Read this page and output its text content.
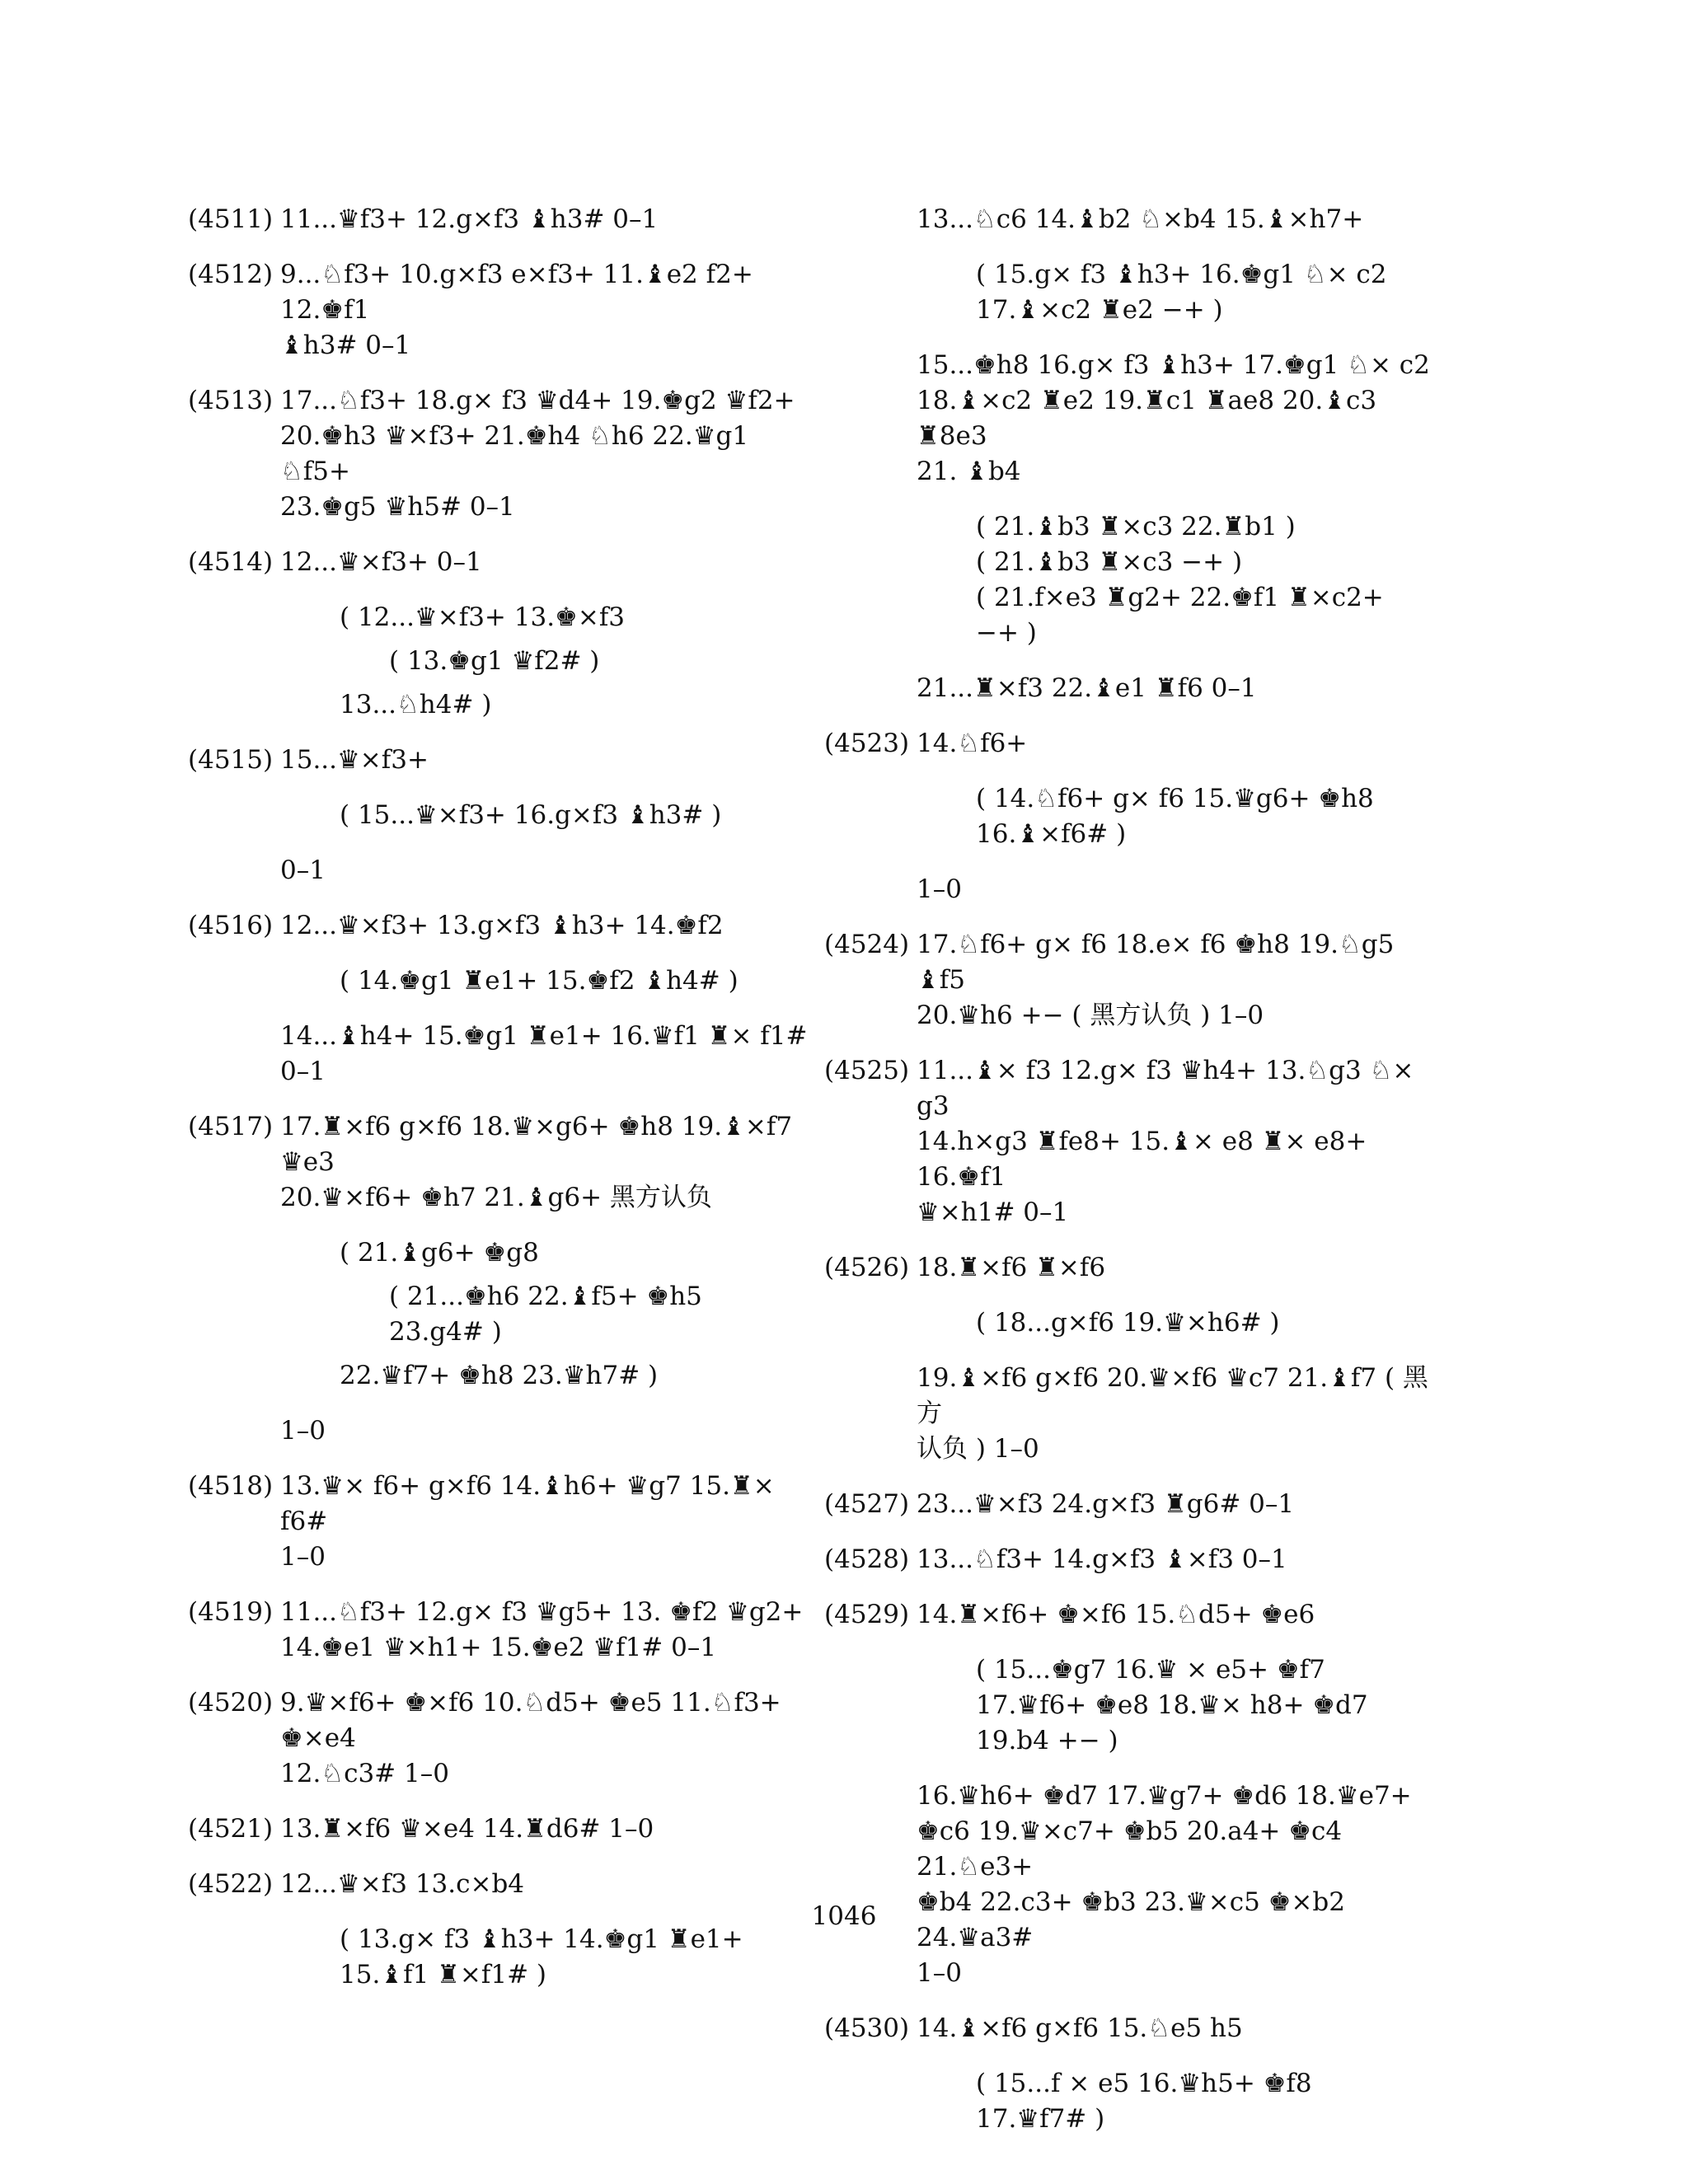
(4511) 11...♛f3+ 12.g×f3 ♝h3# 0–1
(4512) 9...♘f3+ 10.g×f3 e×f3+ 11.♝e2 f2+ 12.♚f1
♝h3# 0–1
(4513) 17...♘f3+ 18.g× f3 ♛d4+ 19.♚g2 ♛f2+
20.♚h3 ♛×f3+ 21.♚h4 ♘h6 22.♛g1 ♘f5+
23.♚g5 ♛h5# 0–1
(4514) 12...♛×f3+ 0–1
( 12...♛×f3+ 13.♚×f3
( 13.♚g1 ♛f2# )
13...♘h4# )
(4515) 15...♛×f3+
( 15...♛×f3+ 16.g×f3 ♝h3# )
0–1
(4516) 12...♛×f3+ 13.g×f3 ♝h3+ 14.♚f2
( 14.♚g1 ♜e1+ 15.♚f2 ♝h4# )
14...♝h4+ 15.♚g1 ♜e1+ 16.♛f1 ♜× f1#
0–1
(4517) 17.♜×f6 g×f6 18.♛×g6+ ♚h8 19.♝×f7 ♛e3
20.♛×f6+ ♚h7 21.♝g6+ 黑方认负
( 21.♝g6+ ♚g8
( 21...♚h6 22.♝f5+ ♚h5
23.g4# )
22.♛f7+ ♚h8 23.♛h7# )
1–0
(4518) 13.♛× f6+ g×f6 14.♝h6+ ♛g7 15.♜× f6#
1–0
(4519) 11...♘f3+ 12.g× f3 ♛g5+ 13. ♚f2 ♛g2+
14.♚e1 ♛×h1+ 15.♚e2 ♛f1# 0–1
(4520) 9.♛×f6+ ♚×f6 10.♘d5+ ♚e5 11.♘f3+ ♚×e4
12.♘c3# 1–0
(4521) 13.♜×f6 ♛×e4 14.♜d6# 1–0
(4522) 12...♛×f3 13.c×b4
( 13.g× f3 ♝h3+ 14.♚g1 ♜e1+
15.♝f1 ♜×f1# )
13...♘c6 14.♝b2 ♘×b4 15.♝×h7+
( 15.g× f3 ♝h3+ 16.♚g1 ♘× c2
17.♝×c2 ♜e2 −+ )
15...♚h8 16.g× f3 ♝h3+ 17.♚g1 ♘× c2
18.♝×c2 ♜e2 19.♜c1 ♜ae8 20.♝c3 ♜8e3
21. ♝b4
( 21.♝b3 ♜×c3 22.♜b1 )
( 21.♝b3 ♜×c3 −+ )
( 21.f×e3 ♜g2+ 22.♚f1 ♜×c2+
−+ )
21...♜×f3 22.♝e1 ♜f6 0–1
(4523) 14.♘f6+
( 14.♘f6+ g× f6 15.♛g6+ ♚h8
16.♝×f6# )
1–0
(4524) 17.♘f6+ g× f6 18.e× f6 ♚h8 19.♘g5 ♝f5
20.♛h6 +− ( 黑方认负 ) 1–0
(4525) 11...♝× f3 12.g× f3 ♛h4+ 13.♘g3 ♘× g3
14.h×g3 ♜fe8+ 15.♝× e8 ♜× e8+ 16.♚f1
♛×h1# 0–1
(4526) 18.♜×f6 ♜×f6
( 18...g×f6 19.♛×h6# )
19.♝×f6 g×f6 20.♛×f6 ♛c7 21.♝f7 ( 黑方
认负 ) 1–0
(4527) 23...♛×f3 24.g×f3 ♜g6# 0–1
(4528) 13...♘f3+ 14.g×f3 ♝×f3 0–1
(4529) 14.♜×f6+ ♚×f6 15.♘d5+ ♚e6
( 15...♚g7 16.♛ × e5+ ♚f7
17.♛f6+ ♚e8 18.♛× h8+ ♚d7
19.b4 +− )
16.♛h6+ ♚d7 17.♛g7+ ♚d6 18.♛e7+
♚c6 19.♛×c7+ ♚b5 20.a4+ ♚c4 21.♘e3+
♚b4 22.c3+ ♚b3 23.♛×c5 ♚×b2 24.♛a3#
1–0
(4530) 14.♝×f6 g×f6 15.♘e5 h5
( 15...f × e5 16.♛h5+ ♚f8
17.♛f7# )
1046
